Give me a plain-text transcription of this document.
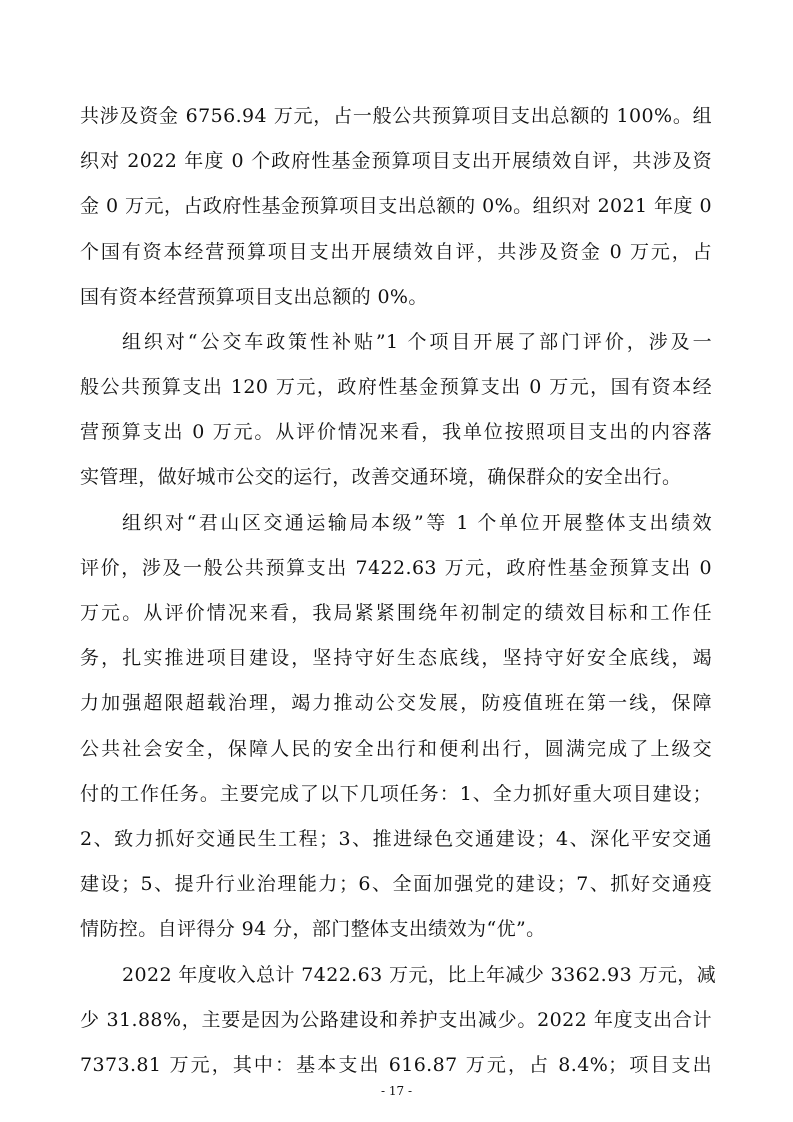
共涉及资金 6756.94 万元，占一般公共预算项目支出总额的 100%。组
织对 2022 年度 0 个政府性基金预算项目支出开展绩效自评，共涉及资
金 0 万元，占政府性基金预算项目支出总额的 0%。组织对 2021 年度 0
个国有资本经营预算项目支出开展绩效自评，共涉及资金 0 万元，占
国有资本经营预算项目支出总额的 0%。
组织对“公交车政策性补贴”1 个项目开展了部门评价，涉及一
般公共预算支出 120 万元，政府性基金预算支出 0 万元，国有资本经
营预算支出 0 万元。从评价情况来看，我单位按照项目支出的内容落
实管理，做好城市公交的运行，改善交通环境，确保群众的安全出行。
组织对“君山区交通运输局本级”等 1 个单位开展整体支出绩效
评价，涉及一般公共预算支出 7422.63 万元，政府性基金预算支出 0
万元。从评价情况来看，我局紧紧围绕年初制定的绩效目标和工作任
务，扎实推进项目建设，坚持守好生态底线，坚持守好安全底线，竭
力加强超限超载治理，竭力推动公交发展，防疫值班在第一线，保障
公共社会安全，保障人民的安全出行和便利出行，圆满完成了上级交
付的工作任务。主要完成了以下几项任务：1、全力抓好重大项目建设；
2、致力抓好交通民生工程；3、推进绿色交通建设；4、深化平安交通
建设；5、提升行业治理能力；6、全面加强党的建设；7、抓好交通疫
情防控。自评得分 94 分，部门整体支出绩效为“优”。
2022 年度收入总计 7422.63 万元，比上年减少 3362.93 万元，减
少 31.88%，主要是因为公路建设和养护支出减少。2022 年度支出合计
7373.81 万元，其中：基本支出 616.87 万元，占 8.4%；项目支出
- 17 -
